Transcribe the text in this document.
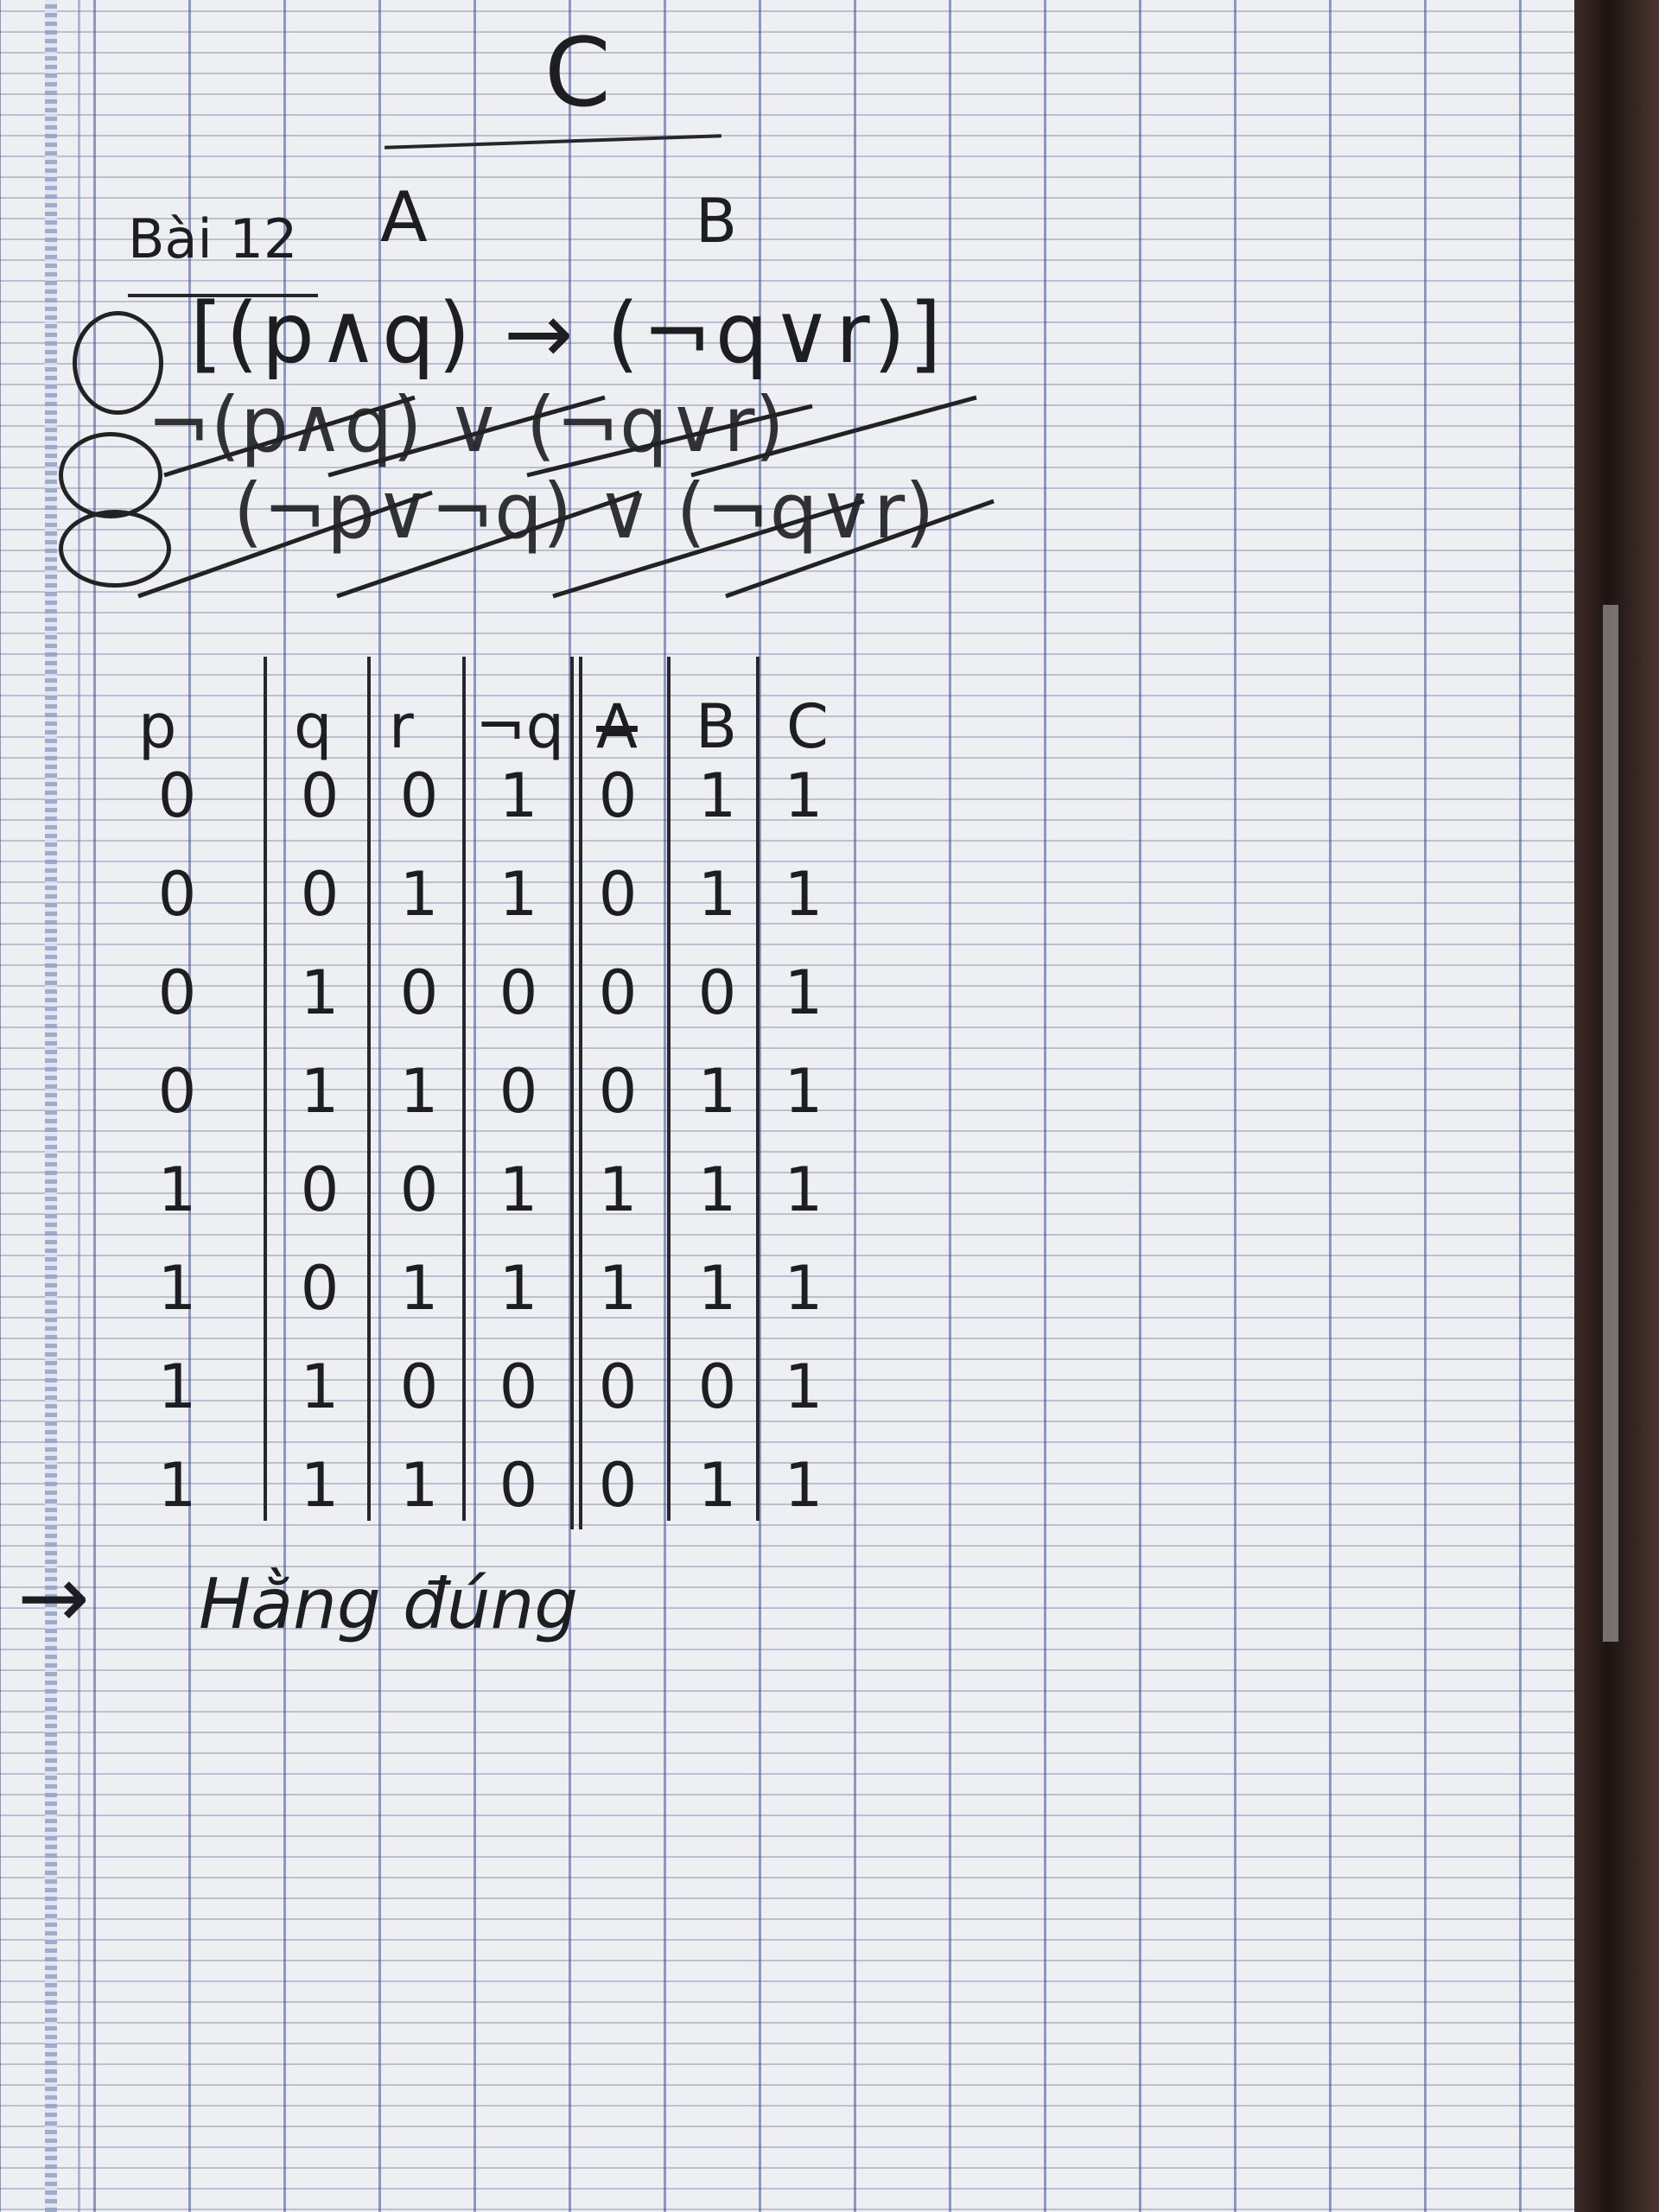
C
A	B
Bài 12
[(p∧q) → (¬q∨r)]
¬(p∧q) ∨ (¬q∨r)
(¬p∨¬q) ∨ (¬q∨r)
p q r ¬q A B C
0 0 0 1 0 1 1
0 0 1 1 0 1 1
0 1 0 0 0 0 1
0 1 1 0 0 1 1
1 0 0 1 1 1 1
1 0 1 1 1 1 1
1 1 0 0 0 0 1
1 1 1 0 0 1 1
→ Hằng đúng
